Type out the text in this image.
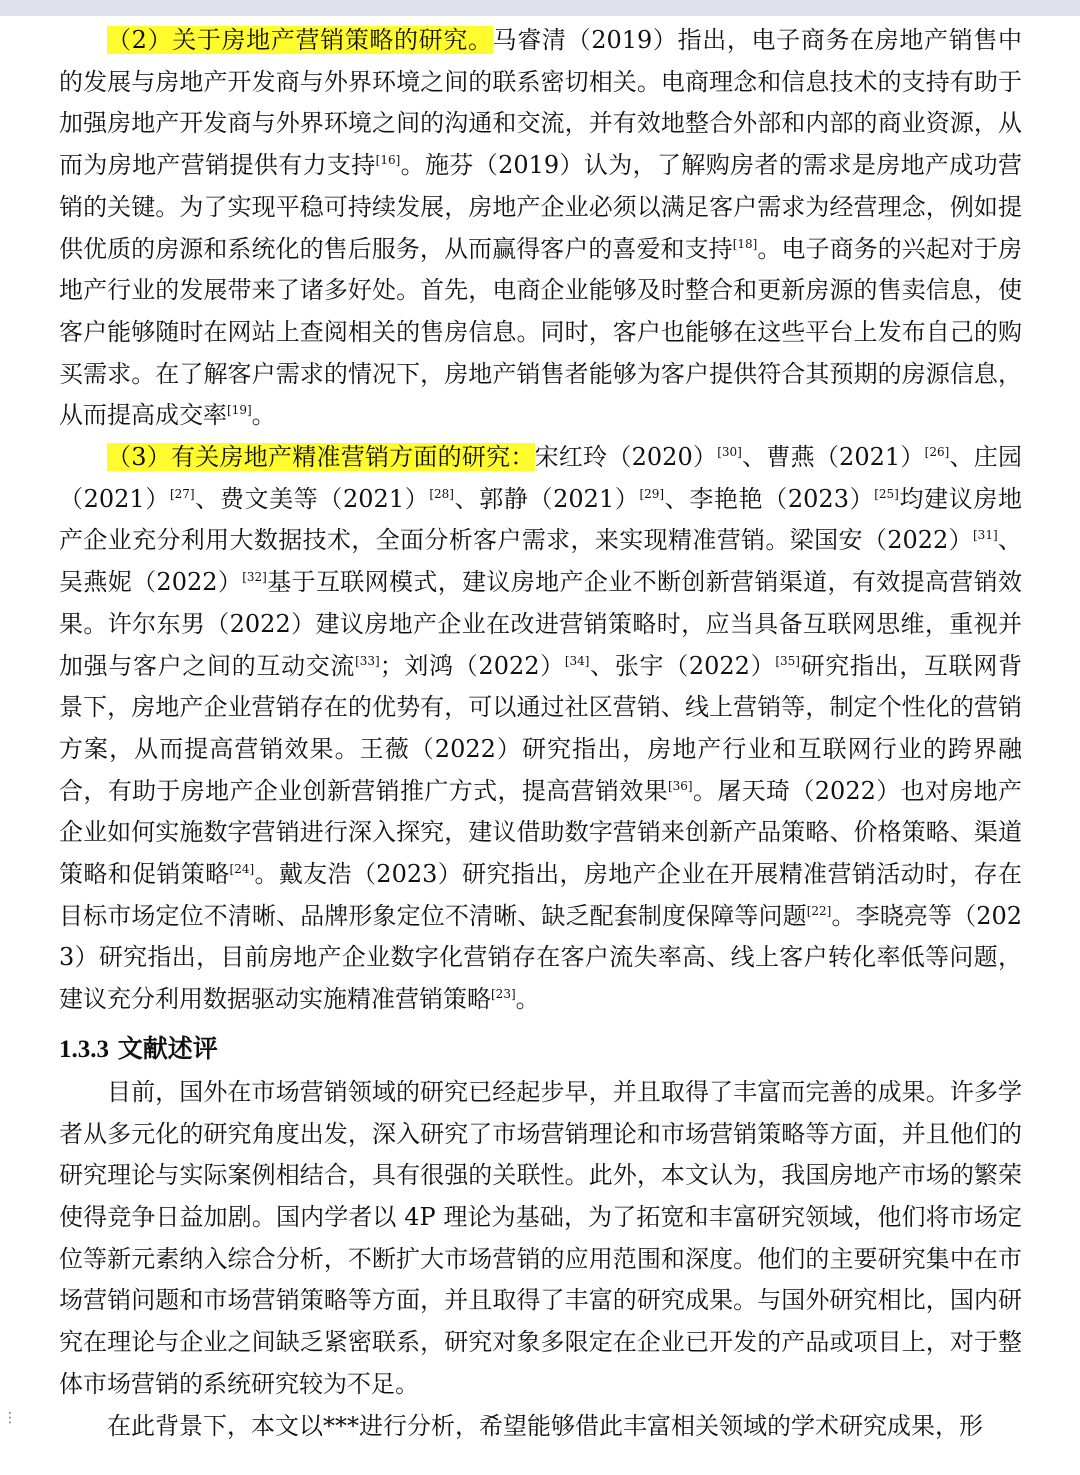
（2）关于房地产营销策略的研究。马睿清（2019）指出，电子商务在房地产销售中的发展与房地产开发商与外界环境之间的联系密切相关。电商理念和信息技术的支持有助于加强房地产开发商与外界环境之间的沟通和交流，并有效地整合外部和内部的商业资源，从而为房地产营销提供有力支持[16]。施芬（2019）认为，了解购房者的需求是房地产成功营销的关键。为了实现平稳可持续发展，房地产企业必须以满足客户需求为经营理念，例如提供优质的房源和系统化的售后服务，从而赢得客户的喜爱和支持[18]。电子商务的兴起对于房地产行业的发展带来了诸多好处。首先，电商企业能够及时整合和更新房源的售卖信息，使客户能够随时在网站上查阅相关的售房信息。同时，客户也能够在这些平台上发布自己的购买需求。在了解客户需求的情况下，房地产销售者能够为客户提供符合其预期的房源信息，从而提高成交率[19]。

（3）有关房地产精准营销方面的研究：宋红玲（2020）[30]、曹燕（2021）[26]、庄园（2021）[27]、费文美等（2021）[28]、郭静（2021）[29]、李艳艳（2023）[25]均建议房地产企业充分利用大数据技术，全面分析客户需求，来实现精准营销。梁国安（2022）[31]、吴燕妮（2022）[32]基于互联网模式，建议房地产企业不断创新营销渠道，有效提高营销效果。许尔东男（2022）建议房地产企业在改进营销策略时，应当具备互联网思维，重视并加强与客户之间的互动交流[33]；刘鸿（2022）[34]、张宇（2022）[35]研究指出，互联网背景下，房地产企业营销存在的优势有，可以通过社区营销、线上营销等，制定个性化的营销方案，从而提高营销效果。王薇（2022）研究指出，房地产行业和互联网行业的跨界融合，有助于房地产企业创新营销推广方式，提高营销效果[36]。屠天琦（2022）也对房地产企业如何实施数字营销进行深入探究，建议借助数字营销来创新产品策略、价格策略、渠道策略和促销策略[24]。戴友浩（2023）研究指出，房地产企业在开展精准营销活动时，存在目标市场定位不清晰、品牌形象定位不清晰、缺乏配套制度保障等问题[22]。李晓亮等（2023）研究指出，目前房地产企业数字化营销存在客户流失率高、线上客户转化率低等问题，建议充分利用数据驱动实施精准营销策略[23]。

1.3.3 文献述评

目前，国外在市场营销领域的研究已经起步早，并且取得了丰富而完善的成果。许多学者从多元化的研究角度出发，深入研究了市场营销理论和市场营销策略等方面，并且他们的研究理论与实际案例相结合，具有很强的关联性。此外，本文认为，我国房地产市场的繁荣使得竞争日益加剧。国内学者以 4P 理论为基础，为了拓宽和丰富研究领域，他们将市场定位等新元素纳入综合分析，不断扩大市场营销的应用范围和深度。他们的主要研究集中在市场营销问题和市场营销策略等方面，并且取得了丰富的研究成果。与国外研究相比，国内研究在理论与企业之间缺乏紧密联系，研究对象多限定在企业已开发的产品或项目上，对于整体市场营销的系统研究较为不足。

在此背景下，本文以***进行分析，希望能够借此丰富相关领域的学术研究成果，形

⋮
